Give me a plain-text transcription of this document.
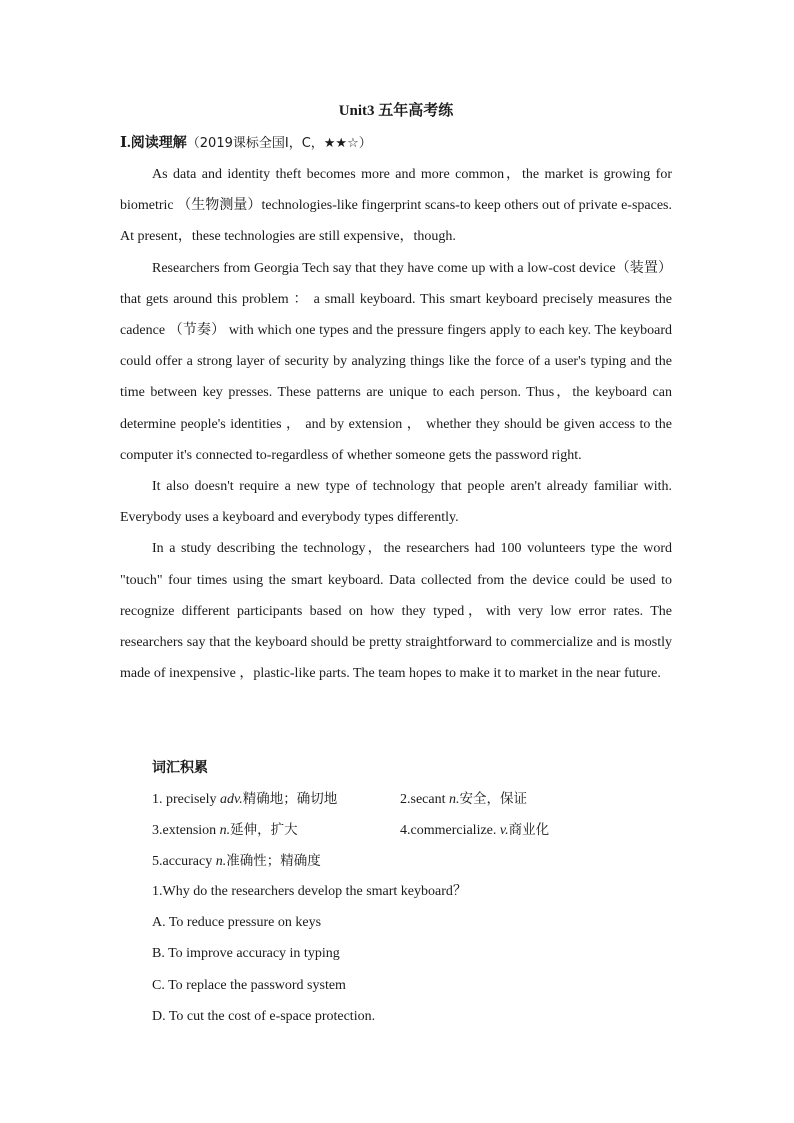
Unit3 五年高考练
Ⅰ.阅读理解（2019课标全国Ⅰ，C，★★☆）

As data and identity theft becomes more and more common，the market is growing for biometric （生物测量）technologies-like fingerprint scans-to keep others out of private e-spaces. At present，these technologies are still expensive，though.

Researchers from Georgia Tech say that they have come up with a low-cost device（装置）that gets around this problem ： a small keyboard. This smart keyboard precisely measures the cadence （节奏） with which one types and the pressure fingers apply to each key. The keyboard could offer a strong layer of security by analyzing things like the force of a user's typing and the time between key presses. These patterns are unique to each person. Thus，the keyboard can determine people's identities ， and by extension ， whether they should be given access to the computer it's connected to-regardless of whether someone gets the password right.

It also doesn't require a new type of technology that people aren't already familiar with. Everybody uses a keyboard and everybody types differently.

In a study describing the technology，the researchers had 100 volunteers type the word "touch" four times using the smart keyboard. Data collected from the device could be used to recognize different participants based on how they typed，with very low error rates. The researchers say that the keyboard should be pretty straightforward to commercialize and is mostly made of inexpensive ，plastic-like parts. The team hopes to make it to market in the near future.

词汇积累
1. precisely adv.精确地；确切地	2.secant n.安全，保证
3.extension n.延伸，扩大	4.commercialize. v.商业化
5.accuracy n.准确性；精确度
1.Why do the researchers develop the smart keyboard？
A. To reduce pressure on keys
B. To improve accuracy in typing
C. To replace the password system
D. To cut the cost of e-space protection.
